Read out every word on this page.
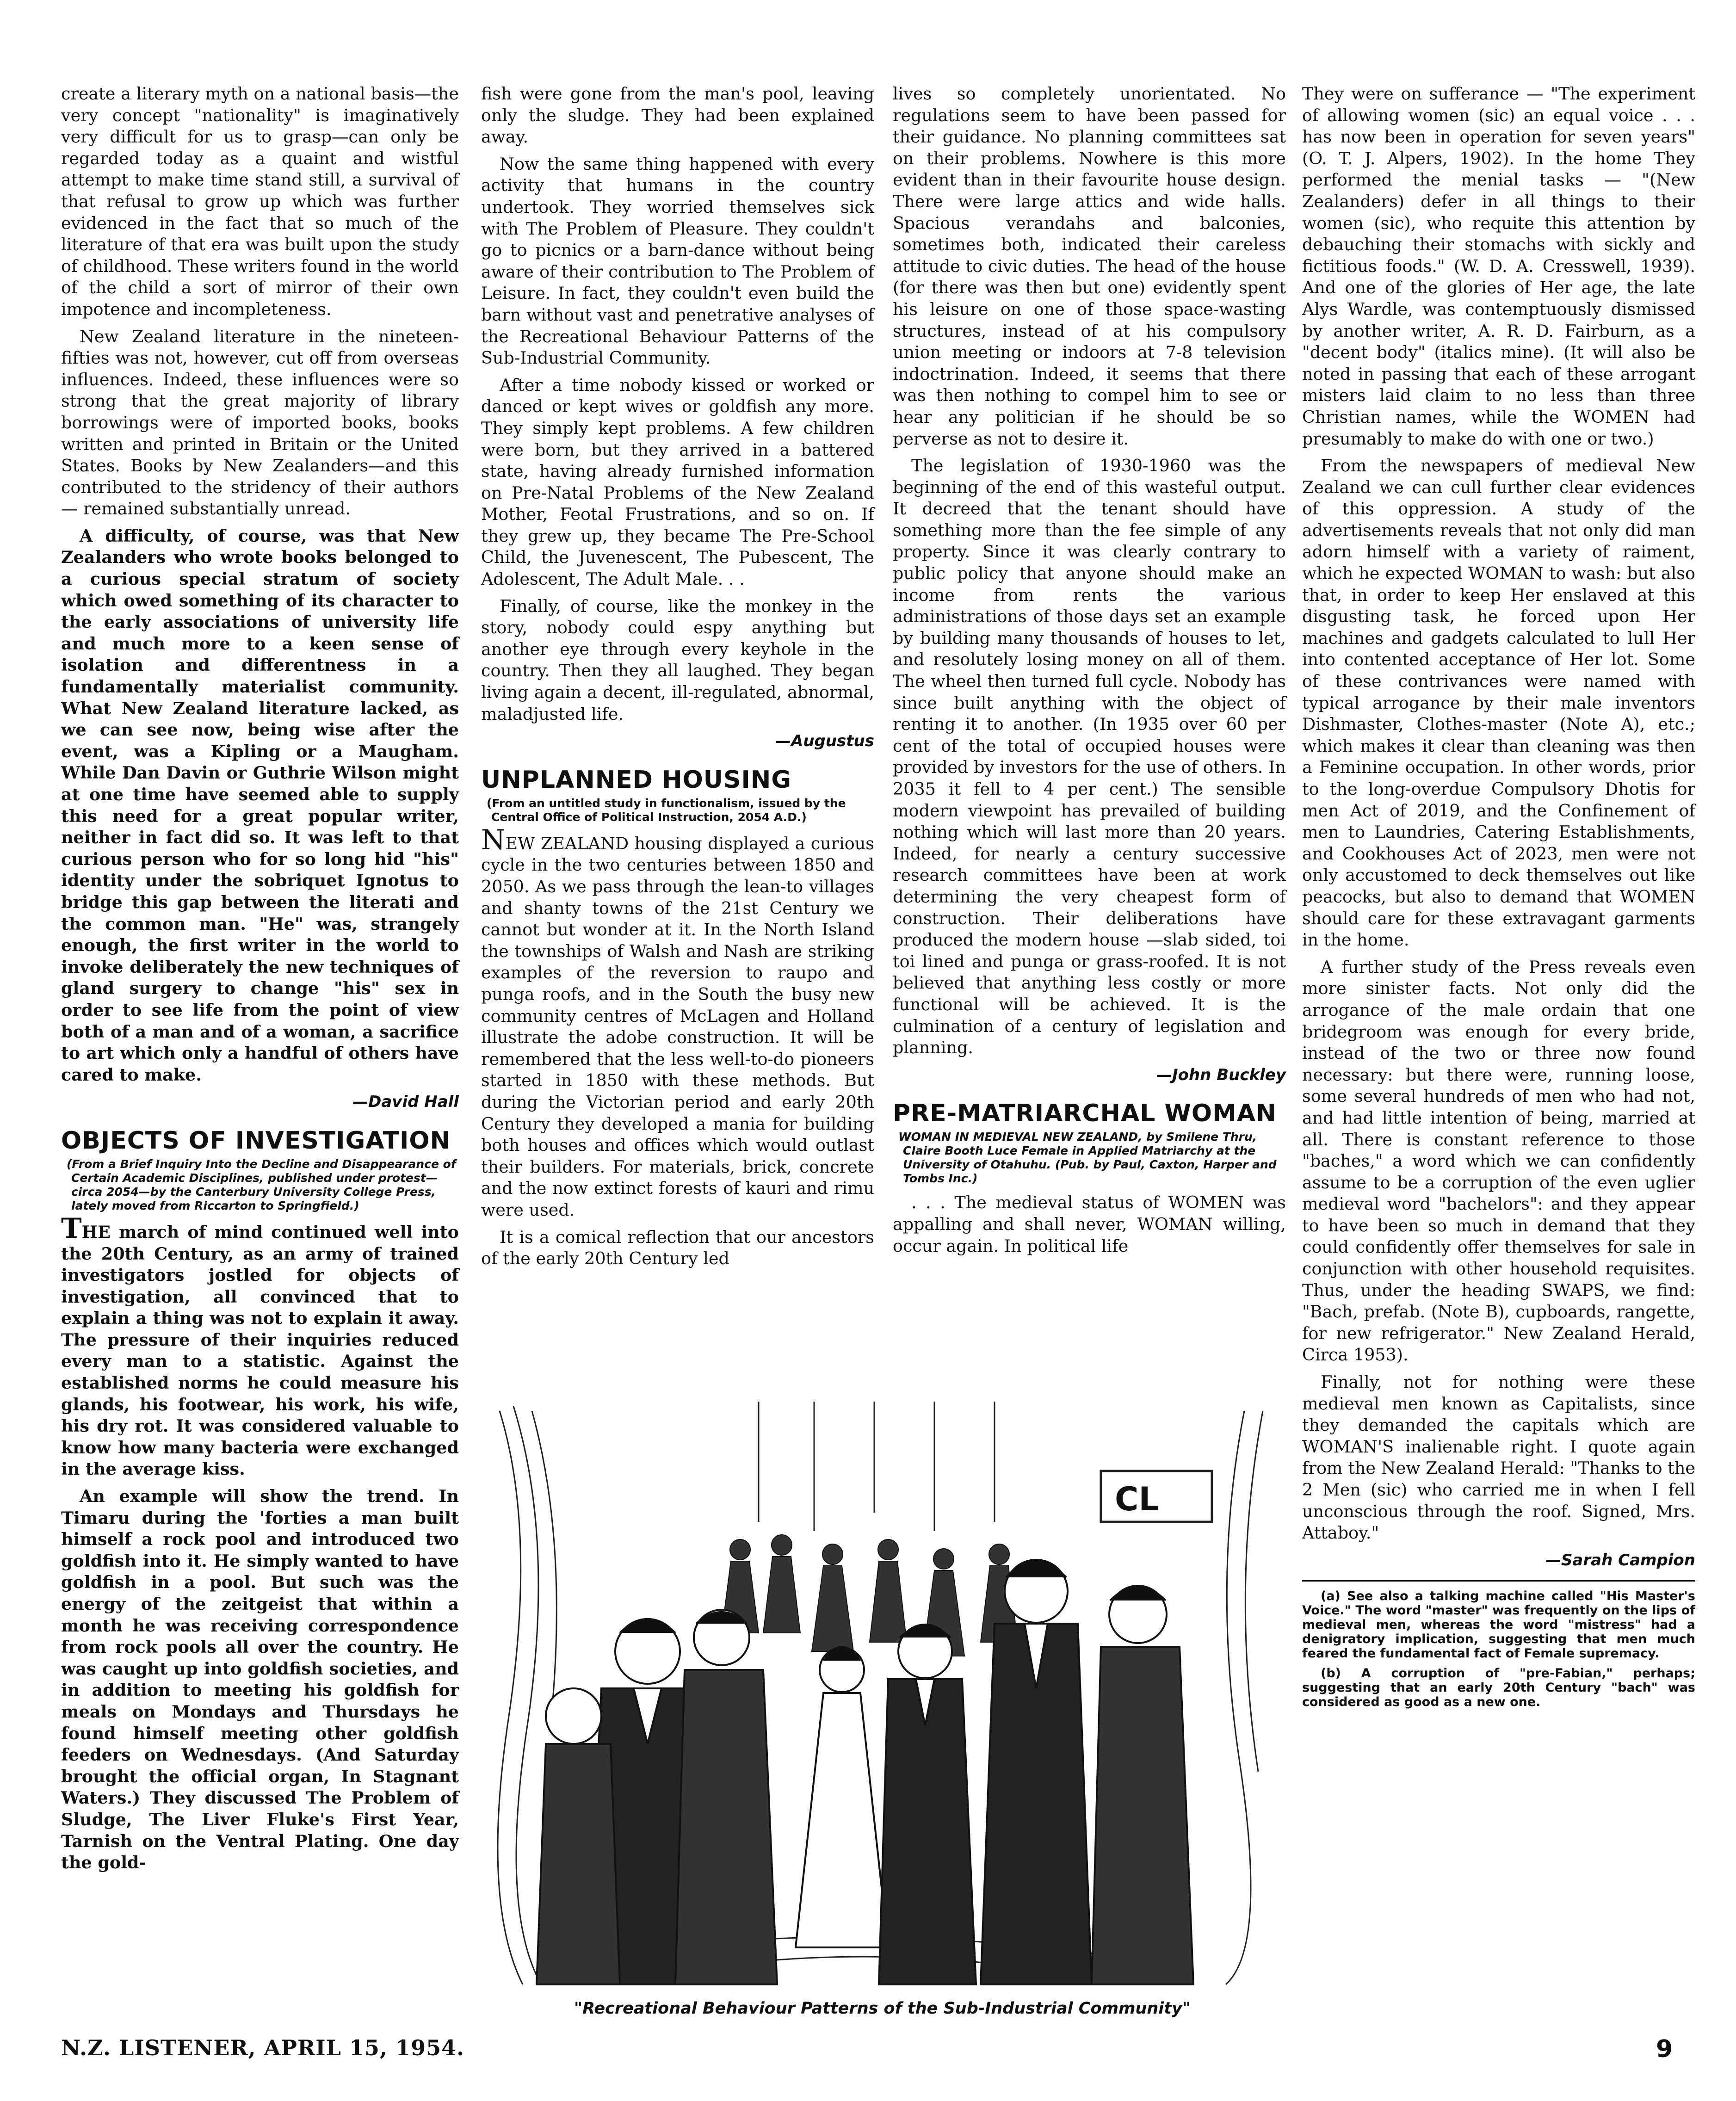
create a literary myth on a national basis—the very concept "nationality" is imaginatively very difficult for us to grasp—can only be regarded today as a quaint and wistful attempt to make time stand still, a survival of that refusal to grow up which was further evidenced in the fact that so much of the literature of that era was built upon the study of childhood. These writers found in the world of the child a sort of mirror of their own impotence and incompleteness.

New Zealand literature in the nineteen-fifties was not, however, cut off from overseas influences. Indeed, these influences were so strong that the great majority of library borrowings were of imported books, books written and printed in Britain or the United States. Books by New Zealanders—and this contributed to the stridency of their authors — remained substantially unread.

A difficulty, of course, was that New Zealanders who wrote books belonged to a curious special stratum of society which owed something of its character to the early associations of university life and much more to a keen sense of isolation and differentness in a fundamentally materialist community. What New Zealand literature lacked, as we can see now, being wise after the event, was a Kipling or a Maugham. While Dan Davin or Guthrie Wilson might at one time have seemed able to supply this need for a great popular writer, neither in fact did so. It was left to that curious person who for so long hid "his" identity under the sobriquet Ignotus to bridge this gap between the literati and the common man. "He" was, strangely enough, the first writer in the world to invoke deliberately the new techniques of gland surgery to change "his" sex in order to see life from the point of view both of a man and of a woman, a sacrifice to art which only a handful of others have cared to make.

—David Hall
OBJECTS OF INVESTIGATION
(From a Brief Inquiry Into the Decline and Disappearance of Certain Academic Disciplines, published under protest—circa 2054—by the Canterbury University College Press, lately moved from Riccarton to Springfield.)

THE march of mind continued well into the 20th Century, as an army of trained investigators jostled for objects of investigation, all convinced that to explain a thing was not to explain it away. The pressure of their inquiries reduced every man to a statistic. Against the established norms he could measure his glands, his footwear, his work, his wife, his dry rot. It was considered valuable to know how many bacteria were exchanged in the average kiss.

An example will show the trend. In Timaru during the 'forties a man built himself a rock pool and introduced two goldfish into it. He simply wanted to have goldfish in a pool. But such was the energy of the zeitgeist that within a month he was receiving correspondence from rock pools all over the country. He was caught up into goldfish societies, and in addition to meeting his goldfish for meals on Mondays and Thursdays he found himself meeting other goldfish feeders on Wednesdays. (And Saturday brought the official organ, In Stagnant Waters.) They discussed The Problem of Sludge, The Liver Fluke's First Year, Tarnish on the Ventral Plating. One day the gold-

fish were gone from the man's pool, leaving only the sludge. They had been explained away.

Now the same thing happened with every activity that humans in the country undertook. They worried themselves sick with The Problem of Pleasure. They couldn't go to picnics or a barn-dance without being aware of their contribution to The Problem of Leisure. In fact, they couldn't even build the barn without vast and penetrative analyses of the Recreational Behaviour Patterns of the Sub-Industrial Community.

After a time nobody kissed or worked or danced or kept wives or goldfish any more. They simply kept problems. A few children were born, but they arrived in a battered state, having already furnished information on Pre-Natal Problems of the New Zealand Mother, Feotal Frustrations, and so on. If they grew up, they became The Pre-School Child, the Juvenescent, The Pubescent, The Adolescent, The Adult Male. . .

Finally, of course, like the monkey in the story, nobody could espy anything but another eye through every keyhole in the country. Then they all laughed. They began living again a decent, ill-regulated, abnormal, maladjusted life.

—Augustus
UNPLANNED HOUSING
(From an untitled study in functionalism, issued by the Central Office of Political Instruction, 2054 A.D.)

NEW ZEALAND housing displayed a curious cycle in the two centuries between 1850 and 2050. As we pass through the lean-to villages and shanty towns of the 21st Century we cannot but wonder at it. In the North Island the townships of Walsh and Nash are striking examples of the reversion to raupo and punga roofs, and in the South the busy new community centres of McLagen and Holland illustrate the adobe construction. It will be remembered that the less well-to-do pioneers started in 1850 with these methods. But during the Victorian period and early 20th Century they developed a mania for building both houses and offices which would outlast their builders. For materials, brick, concrete and the now extinct forests of kauri and rimu were used.

It is a comical reflection that our ancestors of the early 20th Century led

lives so completely unorientated. No regulations seem to have been passed for their guidance. No planning committees sat on their problems. Nowhere is this more evident than in their favourite house design. There were large attics and wide halls. Spacious verandahs and balconies, sometimes both, indicated their careless attitude to civic duties. The head of the house (for there was then but one) evidently spent his leisure on one of those space-wasting structures, instead of at his compulsory union meeting or indoors at 7-8 television indoctrination. Indeed, it seems that there was then nothing to compel him to see or hear any politician if he should be so perverse as not to desire it.

The legislation of 1930-1960 was the beginning of the end of this wasteful output. It decreed that the tenant should have something more than the fee simple of any property. Since it was clearly contrary to public policy that anyone should make an income from rents the various administrations of those days set an example by building many thousands of houses to let, and resolutely losing money on all of them. The wheel then turned full cycle. Nobody has since built anything with the object of renting it to another. (In 1935 over 60 per cent of the total of occupied houses were provided by investors for the use of others. In 2035 it fell to 4 per cent.) The sensible modern viewpoint has prevailed of building nothing which will last more than 20 years. Indeed, for nearly a century successive research committees have been at work determining the very cheapest form of construction. Their deliberations have produced the modern house —slab sided, toi toi lined and punga or grass-roofed. It is not believed that anything less costly or more functional will be achieved. It is the culmination of a century of legislation and planning.

—John Buckley
PRE-MATRIARCHAL WOMAN
WOMAN IN MEDIEVAL NEW ZEALAND, by Smilene Thru, Claire Booth Luce Female in Applied Matriarchy at the University of Otahuhu. (Pub. by Paul, Caxton, Harper and Tombs Inc.)

. . . The medieval status of WOMEN was appalling and shall never, WOMAN willing, occur again. In political life

They were on sufferance — "The experiment of allowing women (sic) an equal voice . . . has now been in operation for seven years" (O. T. J. Alpers, 1902). In the home They performed the menial tasks — "(New Zealanders) defer in all things to their women (sic), who requite this attention by debauching their stomachs with sickly and fictitious foods." (W. D. A. Cresswell, 1939). And one of the glories of Her age, the late Alys Wardle, was contemptuously dismissed by another writer, A. R. D. Fairburn, as a "decent body" (italics mine). (It will also be noted in passing that each of these arrogant misters laid claim to no less than three Christian names, while the WOMEN had presumably to make do with one or two.)

From the newspapers of medieval New Zealand we can cull further clear evidences of this oppression. A study of the advertisements reveals that not only did man adorn himself with a variety of raiment, which he expected WOMAN to wash: but also that, in order to keep Her enslaved at this disgusting task, he forced upon Her machines and gadgets calculated to lull Her into contented acceptance of Her lot. Some of these contrivances were named with typical arrogance by their male inventors Dishmaster, Clothes-master (Note A), etc.; which makes it clear than cleaning was then a Feminine occupation. In other words, prior to the long-overdue Compulsory Dhotis for men Act of 2019, and the Confinement of men to Laundries, Catering Establishments, and Cookhouses Act of 2023, men were not only accustomed to deck themselves out like peacocks, but also to demand that WOMEN should care for these extravagant garments in the home.

A further study of the Press reveals even more sinister facts. Not only did the arrogance of the male ordain that one bridegroom was enough for every bride, instead of the two or three now found necessary: but there were, running loose, some several hundreds of men who had not, and had little intention of being, married at all. There is constant reference to those "baches," a word which we can confidently assume to be a corruption of the even uglier medieval word "bachelors": and they appear to have been so much in demand that they could confidently offer themselves for sale in conjunction with other household requisites. Thus, under the heading SWAPS, we find: "Bach, prefab. (Note B), cupboards, rangette, for new refrigerator." New Zealand Herald, Circa 1953).

Finally, not for nothing were these medieval men known as Capitalists, since they demanded the capitals which are WOMAN'S inalienable right. I quote again from the New Zealand Herald: "Thanks to the 2 Men (sic) who carried me in when I fell unconscious through the roof. Signed, Mrs. Attaboy."

—Sarah Campion

(a) See also a talking machine called "His Master's Voice." The word "master" was frequently on the lips of medieval men, whereas the word "mistress" had a denigratory implication, suggesting that men much feared the fundamental fact of Female supremacy.

(b) A corruption of "pre-Fabian," perhaps; suggesting that an early 20th Century "bach" was considered as good as a new one.

CL
"Recreational Behaviour Patterns of the Sub-Industrial Community"
N.Z. LISTENER, APRIL 15, 1954.	9
